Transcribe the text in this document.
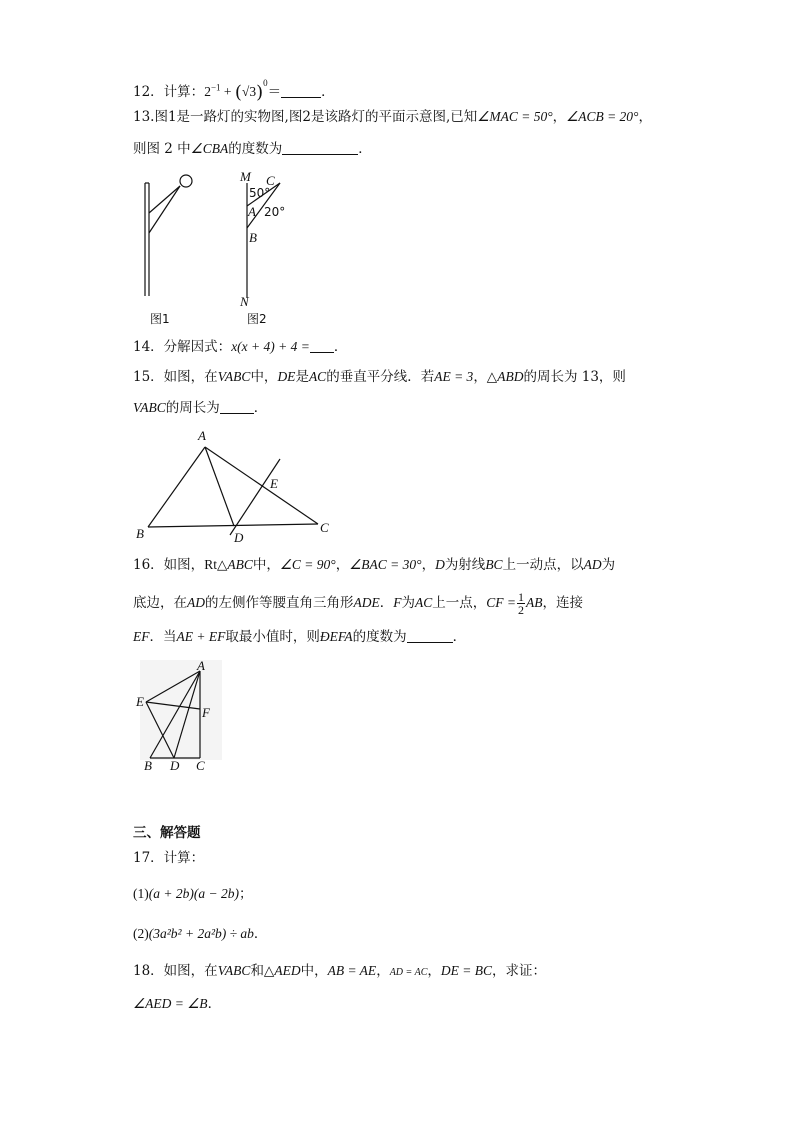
12．计算：$2^{-1} + (√3)^0=$	．
13.图1是一路灯的实物图,图2是该路灯的平面示意图,已知∠MAC = 50°，∠ACB = 20°，
则图 2 中∠CBA的度数为	．
M C
50°
A 20°
B
N
图1	图2
14．分解因式：x(x + 4) + 4 = ．
15．如图，在VABC中，DE是AC的垂直平分线．若AE = 3，△ABD的周长为 13，则
VABC的周长为	．
A
B	C
D
E
16．如图，Rt△ABC中，∠C = 90°，∠BAC = 30°，D为射线BC上一动点，以AD为
底边，在AD的左侧作等腰直角三角形ADE．F为AC上一点，CF = $\frac{1}{2}$ AB，连接
EF．当AE + EF取最小值时，则ÐEFA的度数为	．
A
E
F
B D C
三、解答题
17．计算：
(1)(a + 2b)(a − 2b)；
(2)(3a²b² + 2a²b) ÷ ab．
18．如图，在VABC和△AED中，AB = AE，AD = AC，DE = BC，求证：
∠AED = ∠B．
